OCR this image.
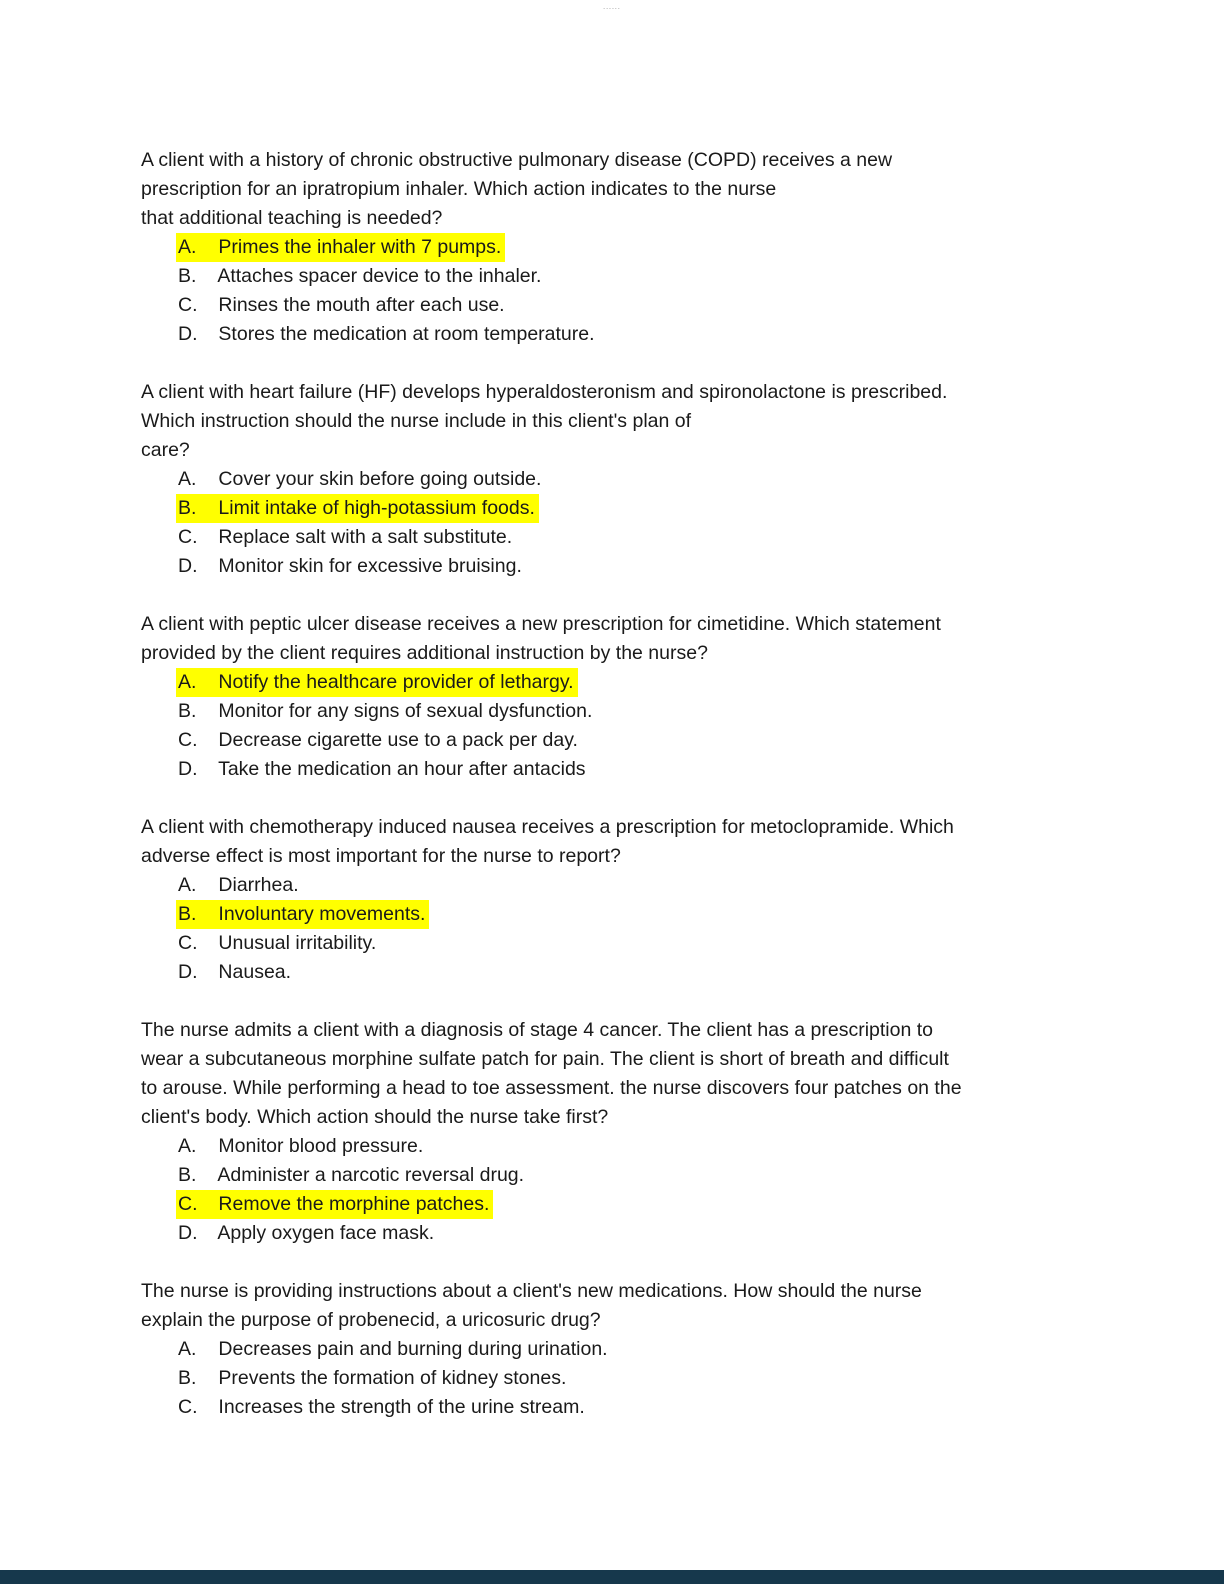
......
A client with a history of chronic obstructive pulmonary disease (COPD) receives a new
prescription for an ipratropium inhaler. Which action indicates to the nurse
that additional teaching is needed?
A. Primes the inhaler with 7 pumps.
B. Attaches spacer device to the inhaler.
C. Rinses the mouth after each use.
D. Stores the medication at room temperature.
A client with heart failure (HF) develops hyperaldosteronism and spironolactone is prescribed.
Which instruction should the nurse include in this client's plan of
care?
A. Cover your skin before going outside.
B. Limit intake of high-potassium foods.
C. Replace salt with a salt substitute.
D. Monitor skin for excessive bruising.
A client with peptic ulcer disease receives a new prescription for cimetidine. Which statement
provided by the client requires additional instruction by the nurse?
A. Notify the healthcare provider of lethargy.
B. Monitor for any signs of sexual dysfunction.
C. Decrease cigarette use to a pack per day.
D. Take the medication an hour after antacids
A client with chemotherapy induced nausea receives a prescription for metoclopramide. Which
adverse effect is most important for the nurse to report?
A. Diarrhea.
B. Involuntary movements.
C. Unusual irritability.
D. Nausea.
The nurse admits a client with a diagnosis of stage 4 cancer. The client has a prescription to
wear a subcutaneous morphine sulfate patch for pain. The client is short of breath and difficult
to arouse. While performing a head to toe assessment. the nurse discovers four patches on the
client's body. Which action should the nurse take first?
A. Monitor blood pressure.
B. Administer a narcotic reversal drug.
C. Remove the morphine patches.
D. Apply oxygen face mask.
The nurse is providing instructions about a client's new medications. How should the nurse
explain the purpose of probenecid, a uricosuric drug?
A. Decreases pain and burning during urination.
B. Prevents the formation of kidney stones.
C. Increases the strength of the urine stream.
